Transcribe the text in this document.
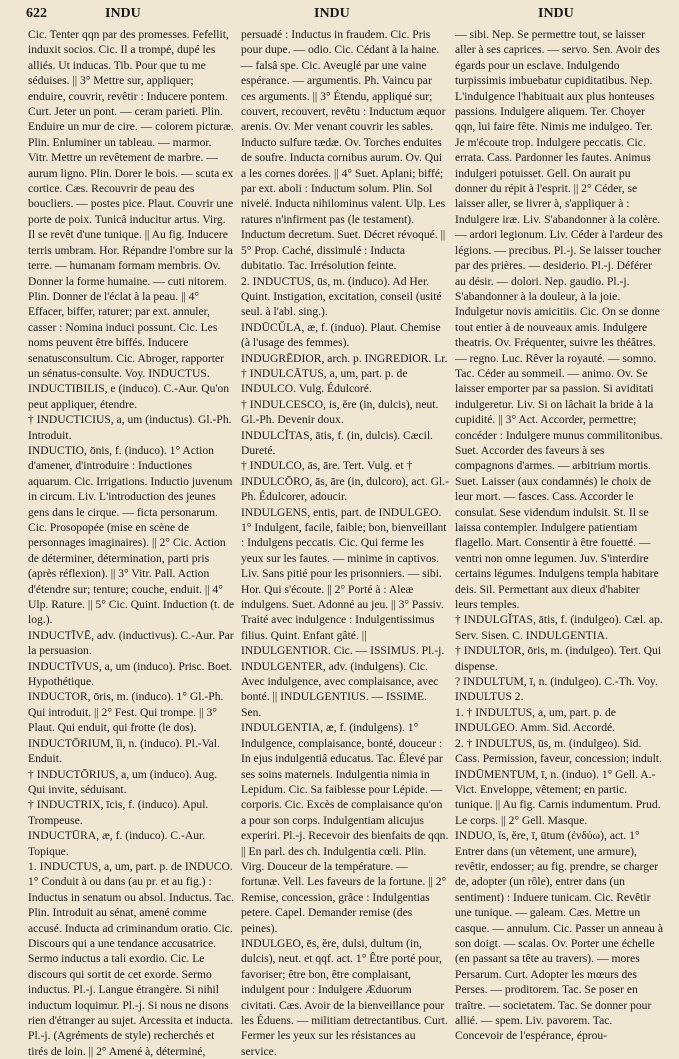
622	INDU	INDU	INDU

Cic. Tenter qqn par des promesses. Fefellit, induxit socios. Cic. Il a trompé, dupé les alliés. Ut inducas. Tib. Pour que tu me séduises. || 3° Mettre sur, appliquer; enduire, couvrir, revêtir : Inducere pontem. Curt. Jeter un pont. — ceram parieti. Plin. Enduire un mur de cire. — colorem picturæ. Plin. Enluminer un tableau. — marmor. Vitr. Mettre un revêtement de marbre. — aurum ligno. Plin. Dorer le bois. — scuta ex cortice. Cæs. Recouvrir de peau des boucliers. — postes pice. Plaut. Couvrir une porte de poix. Tunicâ inducitur artus. Virg. Il se revêt d'une tunique. || Au fig. Inducere terris umbram. Hor. Répandre l'ombre sur la terre. — humanam formam membris. Ov. Donner la forme humaine. — cuti nitorem. Plin. Donner de l'éclat à la peau. || 4° Effacer, biffer, raturer; par ext. annuler, casser : Nomina induci possunt. Cic. Les noms peuvent être biffés. Inducere senatusconsultum. Cic. Abroger, rapporter un sénatus-consulte. Voy. INDUCTUS.

INDUCTIBILIS, e (induco). C.-Aur. Qu'on peut appliquer, étendre.

† INDUCTICIUS, a, um (inductus). Gl.-Ph. Introduit.

INDUCTIO, ōnis, f. (induco). 1° Action d'amener, d'introduire : Inductiones aquarum. Cic. Irrigations. Inductio juvenum in circum. Liv. L'introduction des jeunes gens dans le cirque. — ficta personarum. Cic. Prosopopée (mise en scène de personnages imaginaires). || 2° Cic. Action de déterminer, détermination, parti pris (après réflexion). || 3° Vitr. Pall. Action d'étendre sur; tenture; couche, enduit. || 4° Ulp. Rature. || 5° Cic. Quint. Induction (t. de log.).

INDUCTĪVĒ, adv. (inductivus). C.-Aur. Par la persuasion.

INDUCTĪVUS, a, um (induco). Prisc. Boet. Hypothétique.

INDUCTOR, ōris, m. (induco). 1° Gl.-Ph. Qui introduit. || 2° Fest. Qui trompe. || 3° Plaut. Qui enduit, qui frotte (le dos).

INDUCTŌRIUM, ĭi, n. (induco). Pl.-Val. Enduit.

† INDUCTŌRIUS, a, um (induco). Aug. Qui invite, séduisant.

† INDUCTRIX, īcis, f. (induco). Apul. Trompeuse.

INDUCTŪRA, æ, f. (induco). C.-Aur. Topique.

1. INDUCTUS, a, um, part. p. de INDUCO. 1° Conduit à ou dans (au pr. et au fig.) : Inductus in senatum ou absol. Inductus. Tac. Plin. Introduit au sénat, amené comme accusé. Inducta ad criminandum oratio. Cic. Discours qui a une tendance accusatrice. Sermo inductus a tali exordio. Cic. Le discours qui sortit de cet exorde. Sermo inductus. Pl.-j. Langue étrangère. Si nihil inductum loquimur. Pl.-j. Si nous ne disons rien d'étranger au sujet. Arcessita et inducta. Pl.-j. (Agréments de style) recherchés et tirés de loin. || 2° Amené à, déterminé,

persuadé : Inductus in fraudem. Cic. Pris pour dupe. — odio. Cic. Cédant à la haine. — falsâ spe. Cic. Aveuglé par une vaine espérance. — argumentis. Ph. Vaincu par ces arguments. || 3° Étendu, appliqué sur; couvert, recouvert, revêtu : Inductum æquor arenis. Ov. Mer venant couvrir les sables. Inducto sulfure tædæ. Ov. Torches enduites de soufre. Inducta cornibus aurum. Ov. Qui a les cornes dorées. || 4° Suet. Aplani; biffé; par ext. aboli : Inductum solum. Plin. Sol nivelé. Inducta nihilominus valent. Ulp. Les ratures n'infirment pas (le testament). Inductum decretum. Suet. Décret révoqué. || 5° Prop. Caché, dissimulé : Inducta dubitatio. Tac. Irrésolution feinte.

2. INDUCTUS, ūs, m. (induco). Ad Her. Quint. Instigation, excitation, conseil (usité seul. à l'abl. sing.).

INDŪCŬLA, æ, f. (induo). Plaut. Chemise (à l'usage des femmes).

INDUGRĒDIOR, arch. p. INGREDIOR. Lr.

† INDULCĀTUS, a, um, part. p. de INDULCO. Vulg. Édulcoré.

† INDULCESCO, is, ĕre (in, dulcis), neut. Gl.-Ph. Devenir doux.

INDULCĬTAS, ātis, f. (in, dulcis). Cæcil. Dureté.

† INDULCO, ās, āre. Tert. Vulg. et † INDULCŌRO, ās, āre (in, dulcoro), act. Gl.-Ph. Édulcorer, adoucir.

INDULGENS, entis, part. de INDULGEO. 1° Indulgent, facile, faible; bon, bienveillant : Indulgens peccatis. Cic. Qui ferme les yeux sur les fautes. — minime in captivos. Liv. Sans pitié pour les prisonniers. — sibi. Hor. Qui s'écoute. || 2° Porté à : Aleæ indulgens. Suet. Adonné au jeu. || 3° Passiv. Traité avec indulgence : Indulgentissimus filius. Quint. Enfant gâté. || INDULGENTIOR. Cic. — ISSIMUS. Pl.-j.

INDULGENTER, adv. (indulgens). Cic. Avec indulgence, avec complaisance, avec bonté. || INDULGENTIUS. — ISSIME. Sen.

INDULGENTIA, æ, f. (indulgens). 1° Indulgence, complaisance, bonté, douceur : In ejus indulgentiâ educatus. Tac. Élevé par ses soins maternels. Indulgentia nimia in Lepidum. Cic. Sa faiblesse pour Lépide. — corporis. Cic. Excès de complaisance qu'on a pour son corps. Indulgentiam alicujus experiri. Pl.-j. Recevoir des bienfaits de qqn. || En parl. des ch. Indulgentia cœli. Plin. Virg. Douceur de la température. — fortunæ. Vell. Les faveurs de la fortune. || 2° Remise, concession, grâce : Indulgentias petere. Capel. Demander remise (des peines).

INDULGEO, ēs, ĕre, dulsi, dultum (in, dulcis), neut. et qqf. act. 1° Être porté pour, favoriser; être bon, être complaisant, indulgent pour : Indulgere Æduorum civitati. Cæs. Avoir de la bienveillance pour les Éduens. — militiam detrectantibus. Curt. Fermer les yeux sur les résistances au service.

— sibi. Nep. Se permettre tout, se laisser aller à ses caprices. — servo. Sen. Avoir des égards pour un esclave. Indulgendo turpissimis imbuebatur cupiditatibus. Nep. L'indulgence l'habituait aux plus honteuses passions. Indulgere aliquem. Ter. Choyer qqn, lui faire fête. Nimis me indulgeo. Ter. Je m'écoute trop. Indulgere peccatis. Cic. errata. Cass. Pardonner les fautes. Animus indulgeri potuisset. Gell. On aurait pu donner du répit à l'esprit. || 2° Céder, se laisser aller, se livrer à, s'appliquer à : Indulgere iræ. Liv. S'abandonner à la colère. — ardori legionum. Liv. Céder à l'ardeur des légions. — precibus. Pl.-j. Se laisser toucher par des prières. — desiderio. Pl.-j. Déférer au désir. — dolori. Nep. gaudio. Pl.-j. S'abandonner à la douleur, à la joie. Indulgetur novis amicitiis. Cic. On se donne tout entier à de nouveaux amis. Indulgere theatris. Ov. Fréquenter, suivre les théâtres. — regno. Luc. Rêver la royauté. — somno. Tac. Céder au sommeil. — animo. Ov. Se laisser emporter par sa passion. Si aviditati indulgeretur. Liv. Si on lâchait la bride à la cupidité. || 3° Act. Accorder, permettre; concéder : Indulgere munus commilitonibus. Suet. Accorder des faveurs à ses compagnons d'armes. — arbitrium mortis. Suet. Laisser (aux condamnés) le choix de leur mort. — fasces. Cass. Accorder le consulat. Sese videndum indulsit. St. Il se laissa contempler. Indulgere patientiam flagello. Mart. Consentir à être fouetté. — ventri non omne legumen. Juv. S'interdire certains légumes. Indulgens templa habitare deis. Sil. Permettant aux dieux d'habiter leurs temples.

† INDULGĬTAS, ātis, f. (indulgeo). Cæl. ap. Serv. Sisen. C. INDULGENTIA.

† INDULTOR, ōris, m. (indulgeo). Tert. Qui dispense.

? INDULTUM, ī, n. (indulgeo). C.-Th. Voy. INDULTUS 2.

1. † INDULTUS, a, um, part. p. de INDULGEO. Amm. Sid. Accordé.

2. † INDULTUS, ūs, m. (indulgeo). Sid. Cass. Permission, faveur, concession; indult.

INDŪMENTUM, ī, n. (induo). 1° Gell. A.-Vict. Enveloppe, vêtement; en partic. tunique. || Au fig. Carnis indumentum. Prud. Le corps. || 2° Gell. Masque.

INDUO, ĭs, ĕre, ī, ūtum (ἐνδύω), act. 1° Entrer dans (un vêtement, une armure), revêtir, endosser; au fig. prendre, se charger de, adopter (un rôle), entrer dans (un sentiment) : Induere tunicam. Cic. Revêtir une tunique. — galeam. Cæs. Mettre un casque. — annulum. Cic. Passer un anneau à son doigt. — scalas. Ov. Porter une échelle (en passant sa tête au travers). — mores Persarum. Curt. Adopter les mœurs des Perses. — proditorem. Tac. Se poser en traître. — societatem. Tac. Se donner pour allié. — spem. Liv. pavorem. Tac. Concevoir de l'espérance, éprou-
